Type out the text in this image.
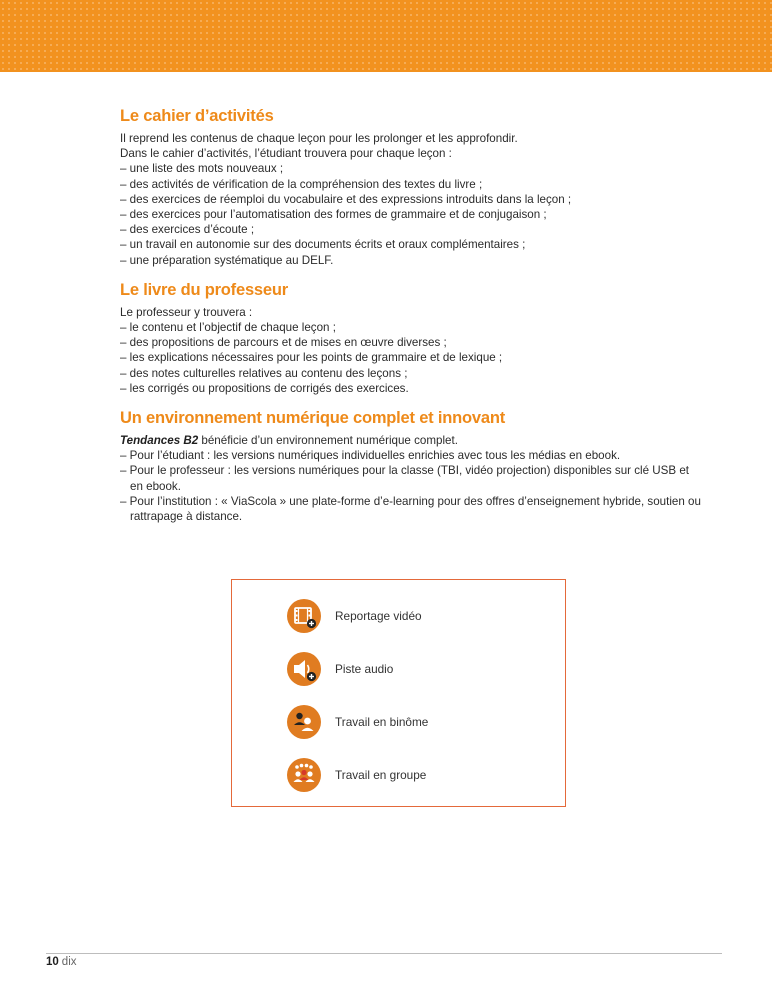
Le cahier d’activités
Il reprend les contenus de chaque leçon pour les prolonger et les approfondir.
Dans le cahier d’activités, l’étudiant trouvera pour chaque leçon :
– une liste des mots nouveaux ;
– des activités de vérification de la compréhension des textes du livre ;
– des exercices de réemploi du vocabulaire et des expressions introduits dans la leçon ;
– des exercices pour l’automatisation des formes de grammaire et de conjugaison ;
– des exercices d’écoute ;
– un travail en autonomie sur des documents écrits et oraux complémentaires ;
– une préparation systématique au DELF.
Le livre du professeur
Le professeur y trouvera :
– le contenu et l’objectif de chaque leçon ;
– des propositions de parcours et de mises en œuvre diverses ;
– les explications nécessaires pour les points de grammaire et de lexique ;
– des notes culturelles relatives au contenu des leçons ;
– les corrigés ou propositions de corrigés des exercices.
Un environnement numérique complet et innovant
Tendances B2 bénéficie d’un environnement numérique complet.
– Pour l’étudiant : les versions numériques individuelles enrichies avec tous les médias en ebook.
– Pour le professeur : les versions numériques pour la classe (TBI, vidéo projection) disponibles sur clé USB et en ebook.
– Pour l’institution : « ViaScola » une plate-forme d’e-learning pour des offres d’enseignement hybride, soutien ou rattrapage à distance.
Reportage vidéo
Piste audio
Travail en binôme
Travail en groupe
10 dix
